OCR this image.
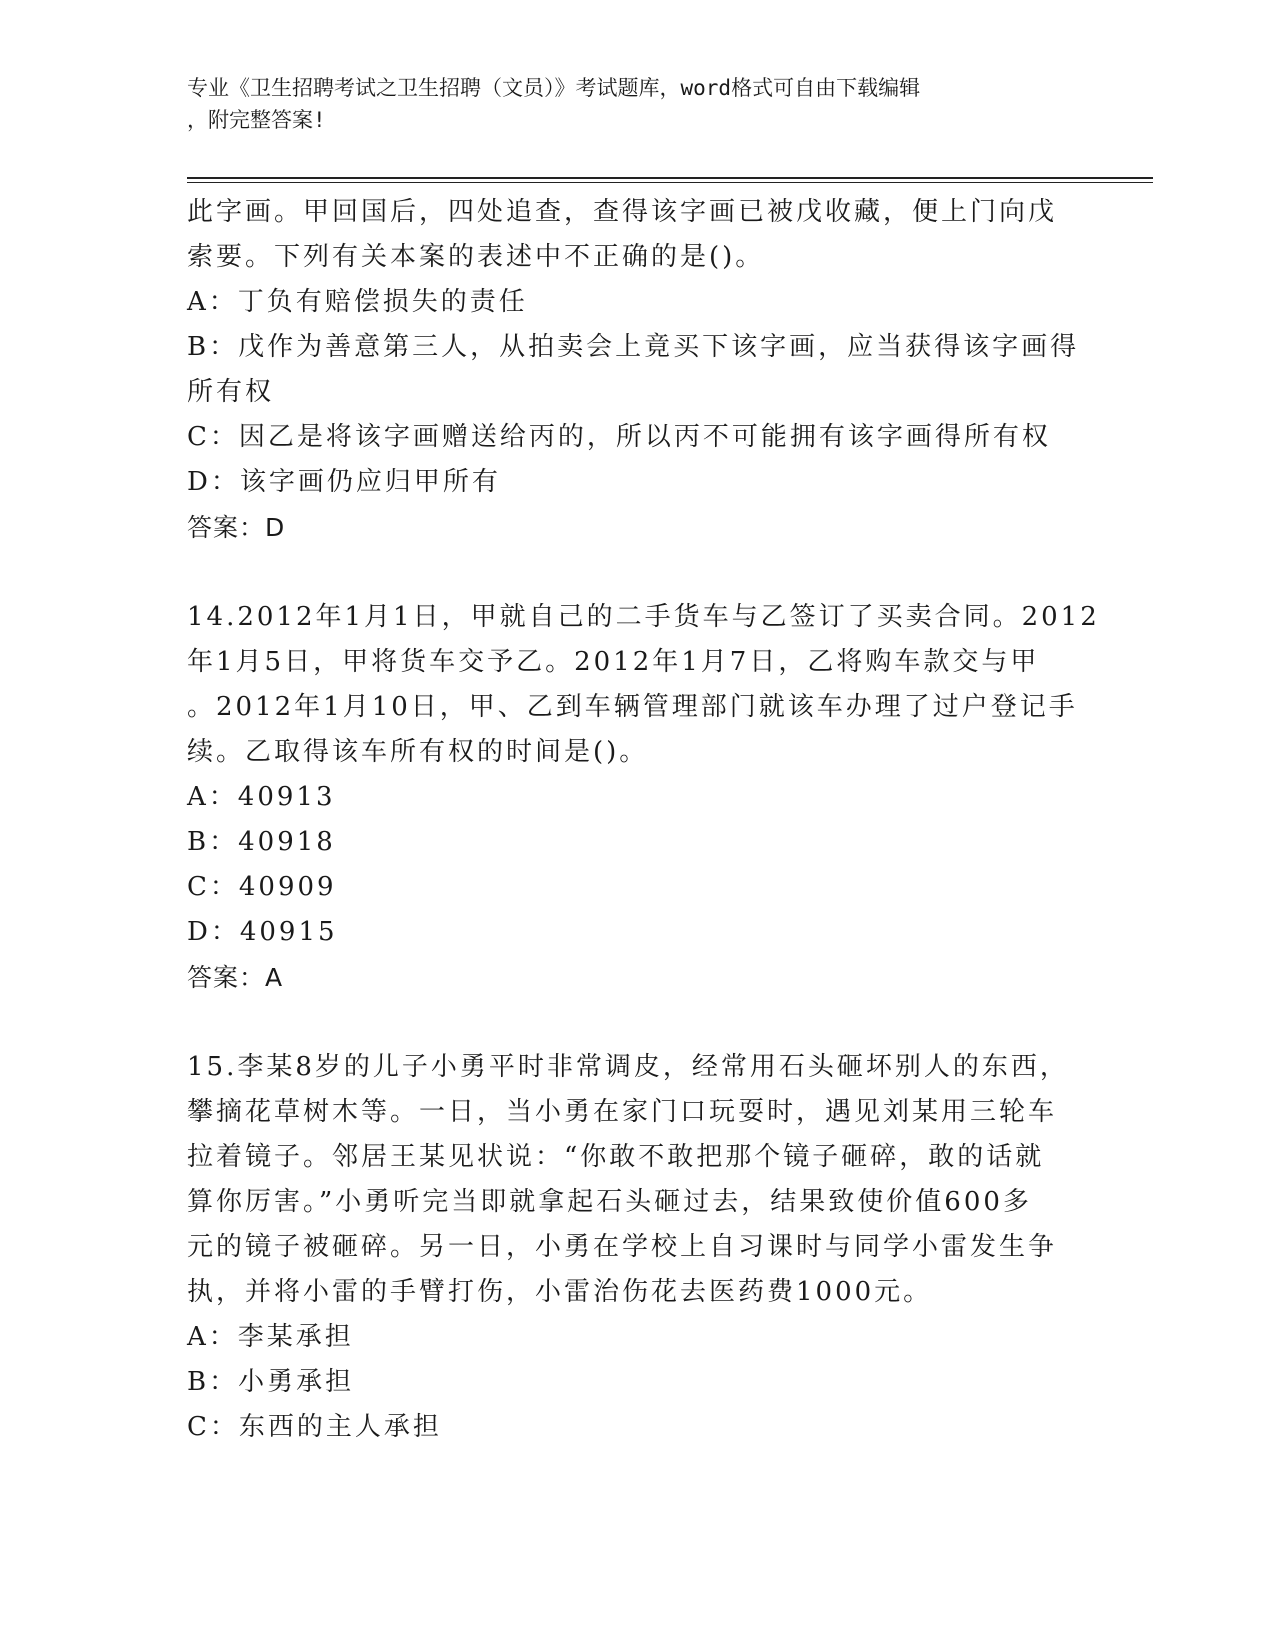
专业《卫生招聘考试之卫生招聘（文员）》考试题库，word格式可自由下载编辑
，附完整答案!
此字画。甲回国后，四处追查，查得该字画已被戊收藏，便上门向戊
索要。下列有关本案的表述中不正确的是()。
A：丁负有赔偿损失的责任
B：戊作为善意第三人，从拍卖会上竟买下该字画，应当获得该字画得
所有权
C：因乙是将该字画赠送给丙的，所以丙不可能拥有该字画得所有权
D：该字画仍应归甲所有
答案：D
14.2012年1月1日，甲就自己的二手货车与乙签订了买卖合同。2012
年1月5日，甲将货车交予乙。2012年1月7日，乙将购车款交与甲
。2012年1月10日，甲、乙到车辆管理部门就该车办理了过户登记手
续。乙取得该车所有权的时间是()。
A：40913
B：40918
C：40909
D：40915
答案：A
15.李某8岁的儿子小勇平时非常调皮，经常用石头砸坏别人的东西，
攀摘花草树木等。一日，当小勇在家门口玩耍时，遇见刘某用三轮车
拉着镜子。邻居王某见状说：“你敢不敢把那个镜子砸碎，敢的话就
算你厉害。”小勇听完当即就拿起石头砸过去，结果致使价值600多
元的镜子被砸碎。另一日，小勇在学校上自习课时与同学小雷发生争
执，并将小雷的手臂打伤，小雷治伤花去医药费1000元。
A：李某承担
B：小勇承担
C：东西的主人承担
